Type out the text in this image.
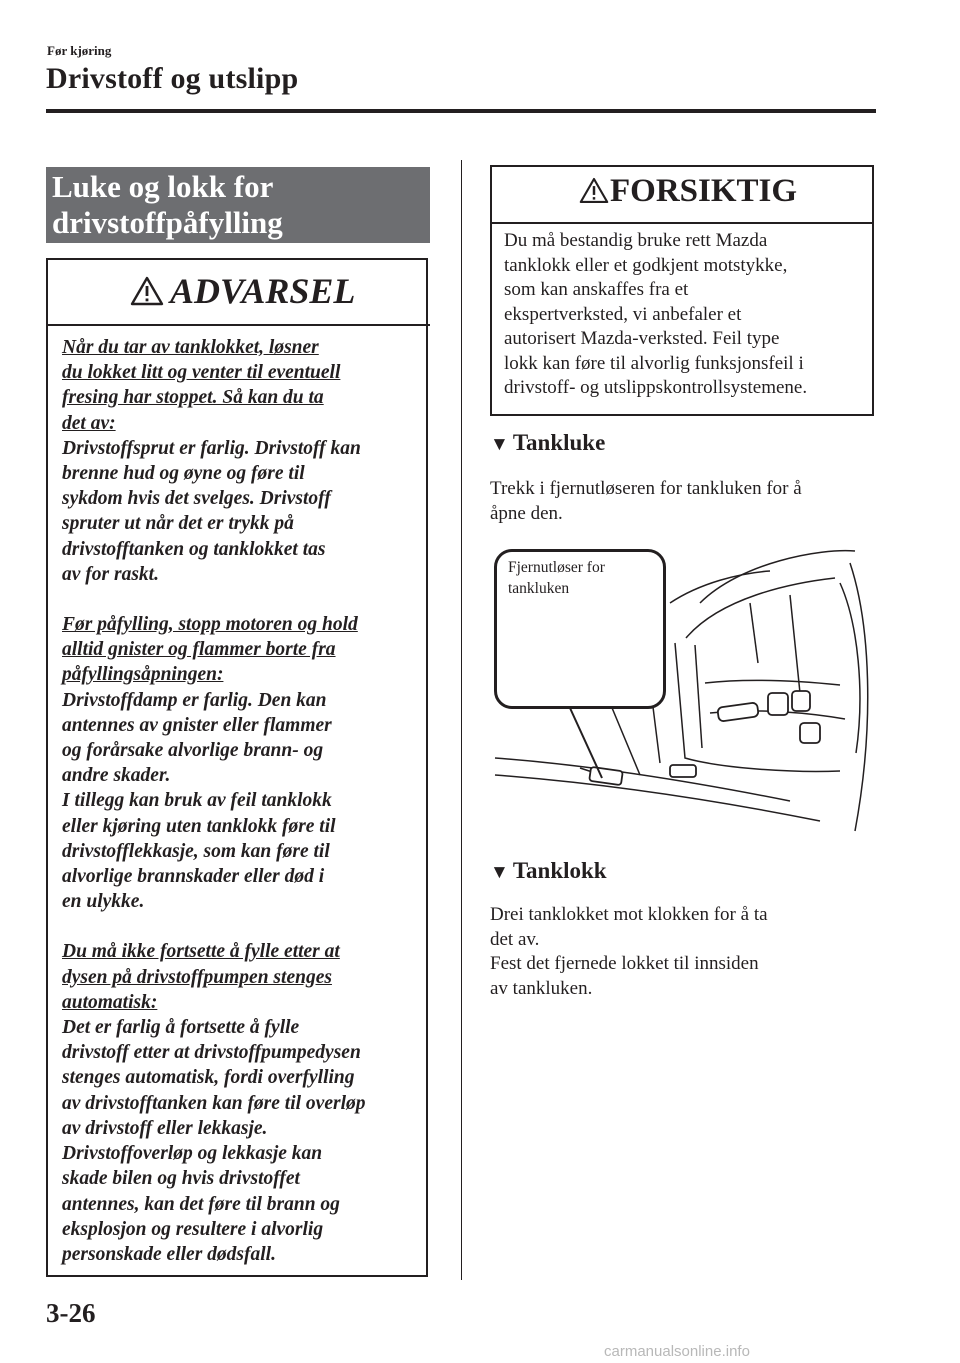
Før kjøring
Drivstoff og utslipp
Luke og lokk for
drivstoffpåfylling
ADVARSEL

Når du tar av tanklokket, løsner
du lokket litt og venter til eventuell
fresing har stoppet. Så kan du ta
det av:
Drivstoffsprut er farlig. Drivstoff kan
brenne hud og øyne og føre til
sykdom hvis det svelges. Drivstoff
spruter ut når det er trykk på
drivstofftanken og tanklokket tas
av for raskt.

Før påfylling, stopp motoren og hold
alltid gnister og flammer borte fra
påfyllingsåpningen:
Drivstoffdamp er farlig. Den kan
antennes av gnister eller flammer
og forårsake alvorlige brann- og
andre skader.
I tillegg kan bruk av feil tanklokk
eller kjøring uten tanklokk føre til
drivstofflekkasje, som kan føre til
alvorlige brannskader eller død i
en ulykke.

Du må ikke fortsette å fylle etter at
dysen på drivstoffpumpen stenges
automatisk:
Det er farlig å fortsette å fylle
drivstoff etter at drivstoffpumpedysen
stenges automatisk, fordi overfylling
av drivstofftanken kan føre til overløp
av drivstoff eller lekkasje.
Drivstoffoverløp og lekkasje kan
skade bilen og hvis drivstoffet
antennes, kan det føre til brann og
eksplosjon og resultere i alvorlig
personskade eller dødsfall.

FORSIKTIG
Du må bestandig bruke rett Mazda
tanklokk eller et godkjent motstykke,
som kan anskaffes fra et
ekspertverksted, vi anbefaler et
autorisert Mazda-verksted. Feil type
lokk kan føre til alvorlig funksjonsfeil i
drivstoff- og utslippskontrollsystemene.
▼ Tankluke
Trekk i fjernutløseren for tankluken for å
åpne den.
Fjernutløser for
tankluken
▼ Tanklokk
Drei tanklokket mot klokken for å ta
det av.
Fest det fjernede lokket til innsiden
av tankluken.
3-26
carmanualsonline.info
